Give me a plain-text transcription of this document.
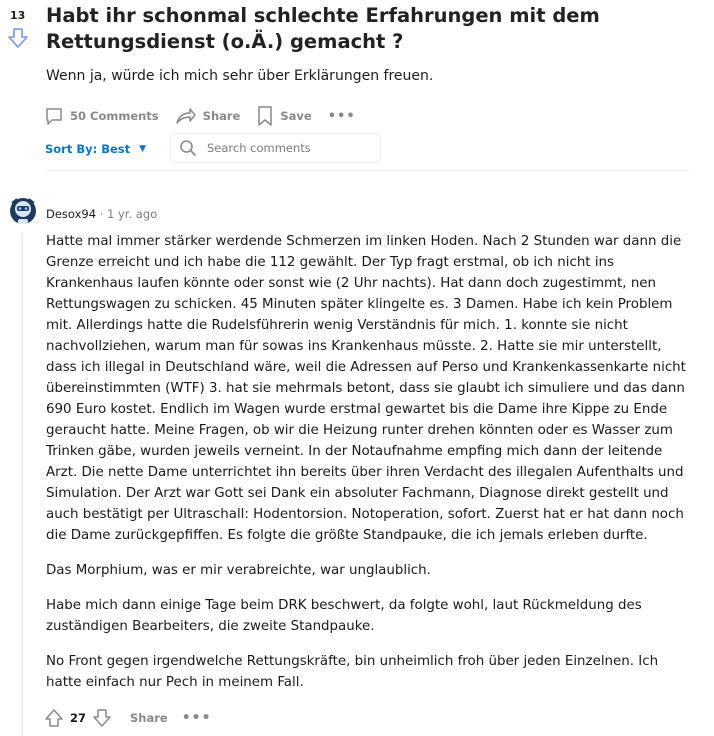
13 Habt ihr schonmal schlechte Erfahrungen mit dem Rettungsdienst (o.Ä.) gemacht ?
Wenn ja, würde ich mich sehr über Erklärungen freuen.
50 Comments	Share	Save •••
Sort By: Best ▼
Search comments
Desox94 · 1 yr. ago

Hatte mal immer stärker werdende Schmerzen im linken Hoden. Nach 2 Stunden war dann die Grenze erreicht und ich habe die 112 gewählt. Der Typ fragt erstmal, ob ich nicht ins Krankenhaus laufen könnte oder sonst wie (2 Uhr nachts). Hat dann doch zugestimmt, nen Rettungswagen zu schicken. 45 Minuten später klingelte es. 3 Damen. Habe ich kein Problem mit. Allerdings hatte die Rudelsführerin wenig Verständnis für mich. 1. konnte sie nicht nachvollziehen, warum man für sowas ins Krankenhaus müsste. 2. Hatte sie mir unterstellt, dass ich illegal in Deutschland wäre, weil die Adressen auf Perso und Krankenkassenkarte nicht übereinstimmten (WTF) 3. hat sie mehrmals betont, dass sie glaubt ich simuliere und das dann 690 Euro kostet. Endlich im Wagen wurde erstmal gewartet bis die Dame ihre Kippe zu Ende geraucht hatte. Meine Fragen, ob wir die Heizung runter drehen könnten oder es Wasser zum Trinken gäbe, wurden jeweils verneint. In der Notaufnahme empfing mich dann der leitende Arzt. Die nette Dame unterrichtet ihn bereits über ihren Verdacht des illegalen Aufenthalts und Simulation. Der Arzt war Gott sei Dank ein absoluter Fachmann, Diagnose direkt gestellt und auch bestätigt per Ultraschall: Hodentorsion. Notoperation, sofort. Zuerst hat er hat dann noch die Dame zurückgepfiffen. Es folgte die größte Standpauke, die ich jemals erleben durfte.

Das Morphium, was er mir verabreichte, war unglaublich.

Habe mich dann einige Tage beim DRK beschwert, da folgte wohl, laut Rückmeldung des zuständigen Bearbeiters, die zweite Standpauke.

No Front gegen irgendwelche Rettungskräfte, bin unheimlich froh über jeden Einzelnen. Ich hatte einfach nur Pech in meinem Fall.

27	Share •••
